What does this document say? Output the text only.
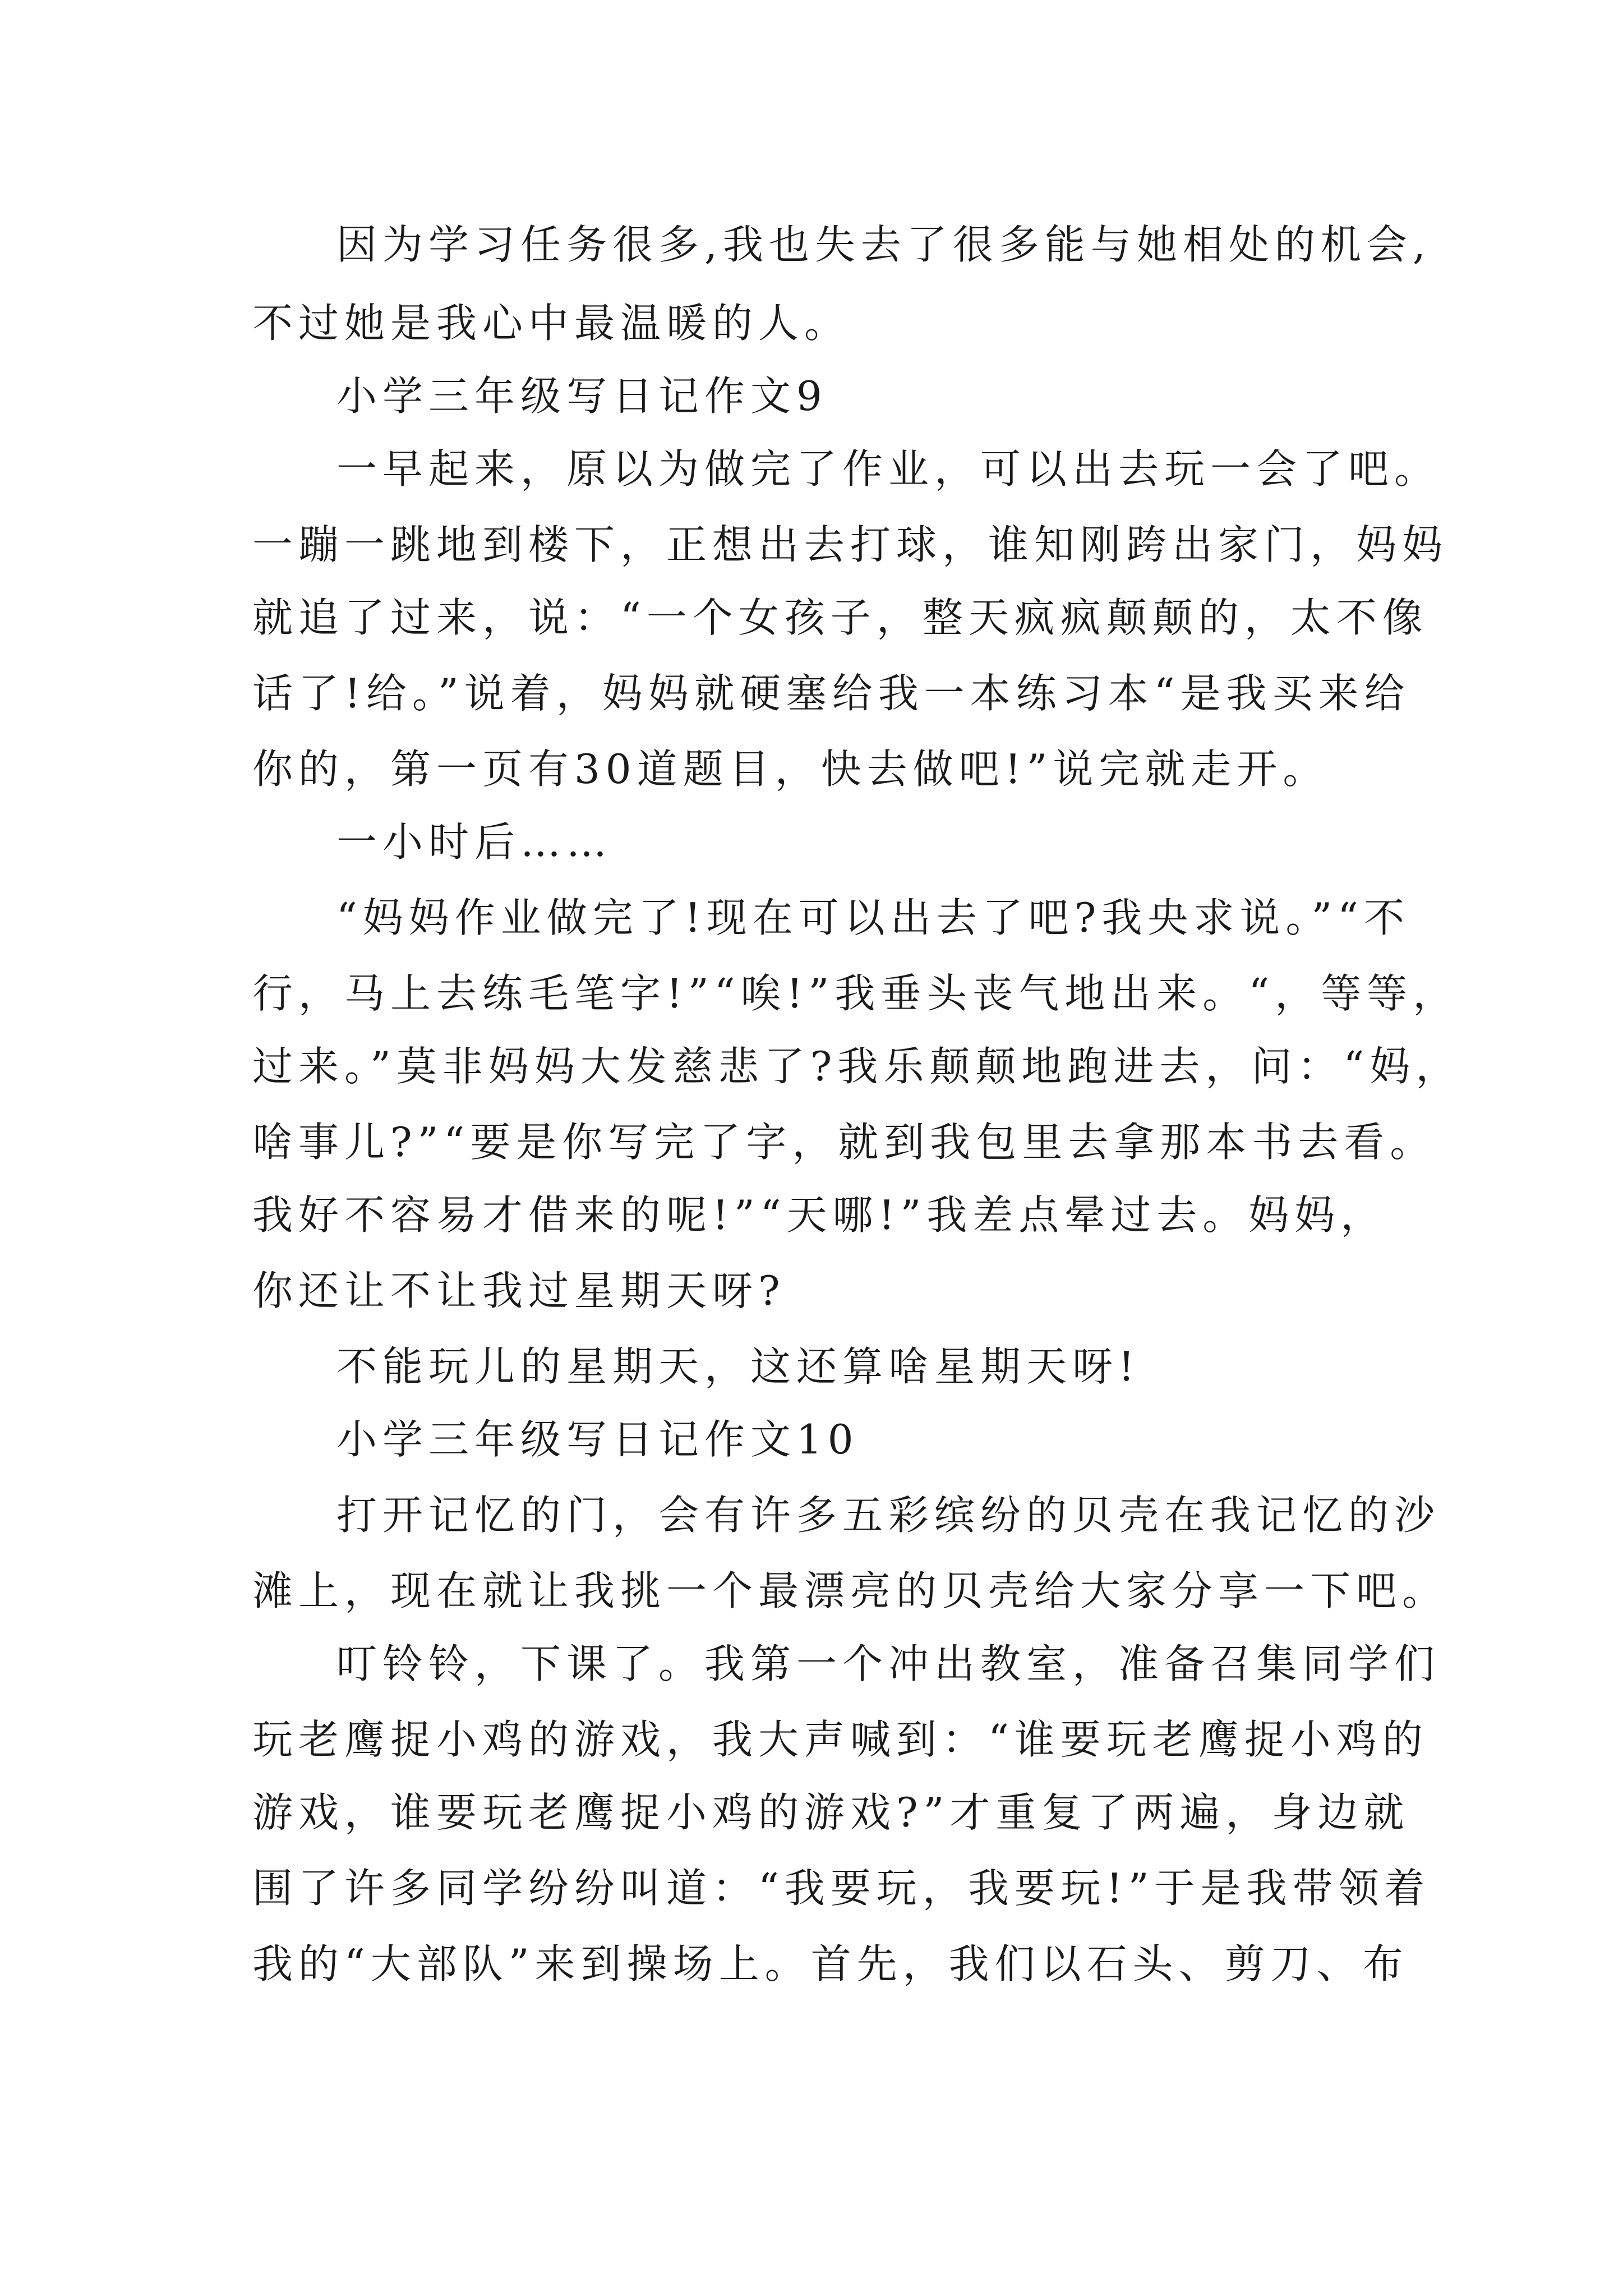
因为学习任务很多,我也失去了很多能与她相处的机会,
不过她是我心中最温暖的人。
小学三年级写日记作文9
一早起来，原以为做完了作业，可以出去玩一会了吧。
一蹦一跳地到楼下，正想出去打球，谁知刚跨出家门，妈妈
就追了过来，说：“一个女孩子，整天疯疯颠颠的，太不像
话了!给。”说着，妈妈就硬塞给我一本练习本“是我买来给
你的，第一页有30道题目，快去做吧!”说完就走开。
一小时后……
“妈妈作业做完了!现在可以出去了吧?我央求说。”“不
行，马上去练毛笔字!”“唉!”我垂头丧气地出来。“，等等，
过来。”莫非妈妈大发慈悲了?我乐颠颠地跑进去，问：“妈，
啥事儿?”“要是你写完了字，就到我包里去拿那本书去看。
我好不容易才借来的呢!”“天哪!”我差点晕过去。妈妈，
你还让不让我过星期天呀?
不能玩儿的星期天，这还算啥星期天呀!
小学三年级写日记作文10
打开记忆的门，会有许多五彩缤纷的贝壳在我记忆的沙
滩上，现在就让我挑一个最漂亮的贝壳给大家分享一下吧。
叮铃铃，下课了。我第一个冲出教室，准备召集同学们
玩老鹰捉小鸡的游戏，我大声喊到：“谁要玩老鹰捉小鸡的
游戏，谁要玩老鹰捉小鸡的游戏?”才重复了两遍，身边就
围了许多同学纷纷叫道：“我要玩，我要玩!”于是我带领着
我的“大部队”来到操场上。首先，我们以石头、剪刀、布
